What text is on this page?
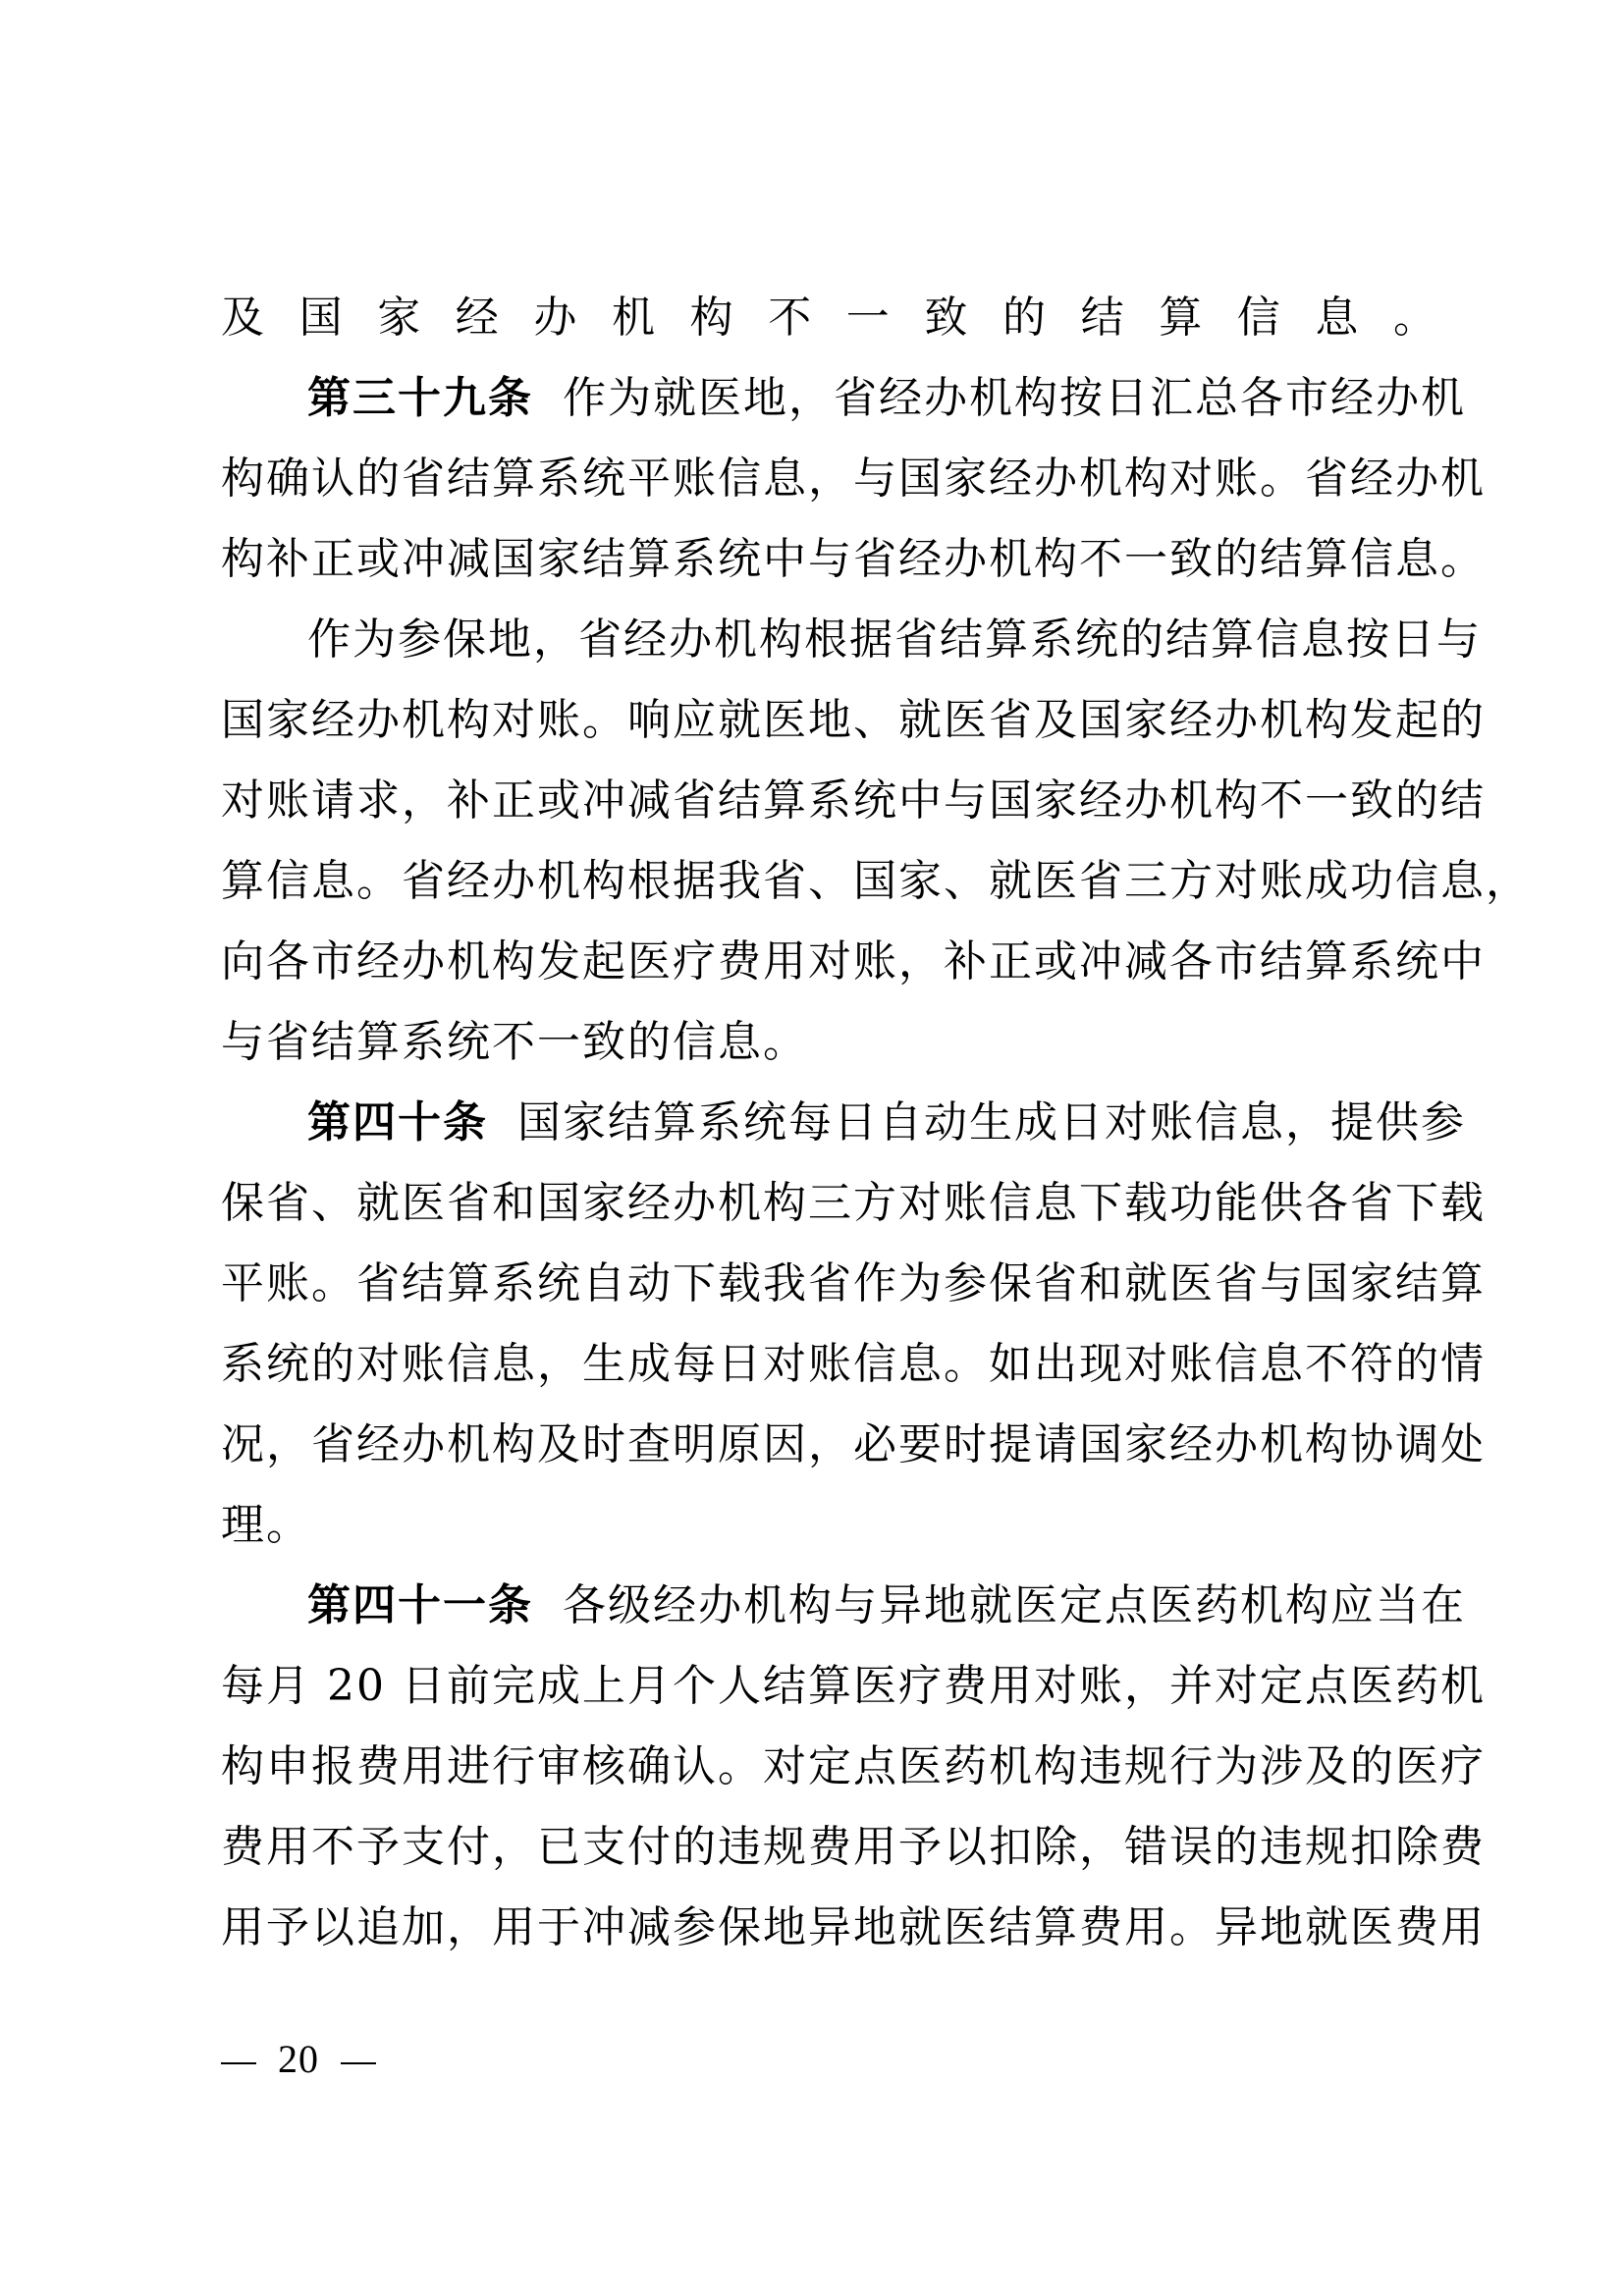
及国家经办机构不一致的结算信息。
第三十九条 作为就医地，省经办机构按日汇总各市经办机
构确认的省结算系统平账信息，与国家经办机构对账。省经办机
构补正或冲减国家结算系统中与省经办机构不一致的结算信息。
作为参保地，省经办机构根据省结算系统的结算信息按日与
国家经办机构对账。响应就医地、就医省及国家经办机构发起的
对账请求，补正或冲减省结算系统中与国家经办机构不一致的结
算信息。省经办机构根据我省、国家、就医省三方对账成功信息，
向各市经办机构发起医疗费用对账，补正或冲减各市结算系统中
与省结算系统不一致的信息。
第四十条 国家结算系统每日自动生成日对账信息，提供参
保省、就医省和国家经办机构三方对账信息下载功能供各省下载
平账。省结算系统自动下载我省作为参保省和就医省与国家结算
系统的对账信息，生成每日对账信息。如出现对账信息不符的情
况，省经办机构及时查明原因，必要时提请国家经办机构协调处
理。
第四十一条 各级经办机构与异地就医定点医药机构应当在
每月 20 日前完成上月个人结算医疗费用对账，并对定点医药机
构申报费用进行审核确认。对定点医药机构违规行为涉及的医疗
费用不予支付，已支付的违规费用予以扣除，错误的违规扣除费
用予以追加，用于冲减参保地异地就医结算费用。异地就医费用
20
